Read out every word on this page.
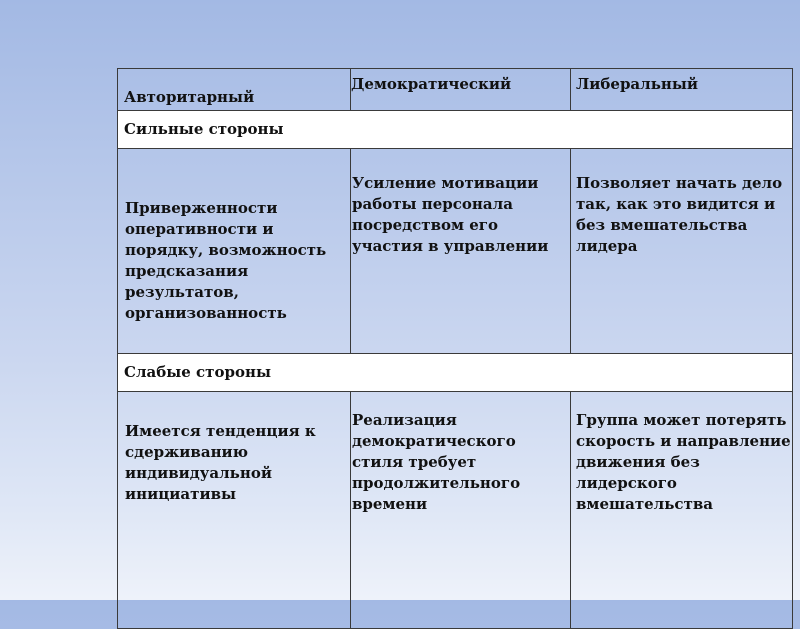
Авторитарный	Демократический	Либеральный
Сильные стороны		
Приверженности оперативности и порядку, возможность предсказания результатов, организованность	Усиление мотивации работы персонала посредством его участия в управлении	Позволяет начать дело так, как это видится и без вмешательства лидера
Слабые стороны		
Имеется тенденция к сдерживанию индивидуальной инициативы	Реализация демократического стиля требует продолжительного времени	Группа может потерять скорость и направление движения без лидерского вмешательства
